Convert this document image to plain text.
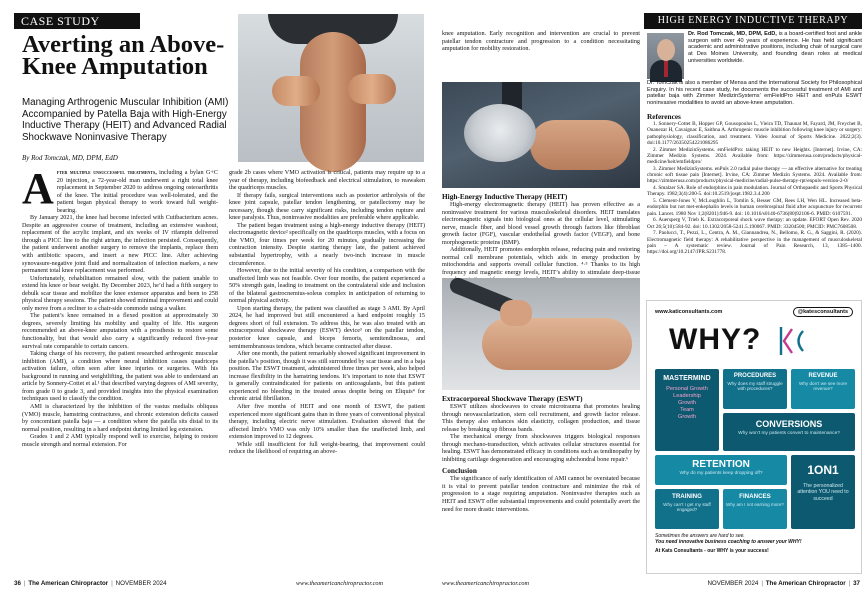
CASE STUDY
Averting an Above-Knee Amputation
Managing Arthrogenic Muscular Inhibition (AMI) Accompanied by Patella Baja with High-Energy Inductive Therapy (HEIT) and Advanced Radial Shockwave Noninvasive Therapy
By Rod Tomczak, MD, DPM, EdD

After multiple unsuccessful treatments, including a bylan G+C 20 injection, a 72-year-old man underwent a right total knee replacement in September 2020 to address ongoing osteoarthritis of the knee. The initial procedure was well-tolerated, and the patient began physical therapy to work toward full weight-bearing.

By January 2021, the knee had become infected with Cutibacterium acnes. Despite an aggressive course of treatment, including an extensive washout, replacement of the acrylic implant, and six weeks of IV rifampin delivered through a PICC line to the right atrium, the infection persisted. Consequently, the patient underwent another surgery to remove the implants, replace them with antibiotic spacers, and insert a new PICC line. After achieving synovasure-negative joint fluid and normalization of infection markers, a new permanent total knee replacement was performed.

Unfortunately, rehabilitation remained slow, with the patient unable to extend his knee or bear weight. By December 2023, he’d had a fifth surgery to debulk scar tissue and mobilize the knee extensor apparatus and been to 258 physical therapy sessions. The patient showed minimal improvement and could only move from a recliner to a chair-side commode using a walker.

The patient’s knee remained in a flexed position at approximately 30 degrees, severely limiting his mobility and quality of life. His surgeon recommended an above-knee amputation with a prosthesis to restore some functionality, but that would also carry a significantly reduced five-year survival rate comparable to certain cancers.

Taking charge of his recovery, the patient researched arthrogenic muscular inhibition (AMI), a condition where neural inhibition causes quadriceps activation failure, often seen after knee injuries or surgeries. With his background in running and weightlifting, the patient was able to understand an article by Sonnery-Cottet et al.¹ that described varying degrees of AMI severity, from grade 0 to grade 3, and provided insights into the physical examination techniques used to classify the condition.

AMI is characterized by the inhibition of the vastus medialis obliquus (VMO) muscle, hamstring contractures, and chronic extension deficits caused by concomitant patella baja — a condition where the patella sits distal to its normal position, resulting in a hard endpoint during limited leg extension.

Grades 1 and 2 AMI typically respond well to exercise, helping to restore muscle strength and normal extension. For

grade 2b cases where VMO activation is critical, patients may require up to a year of therapy, including biofeedback and electrical stimulation, to reawaken the quadriceps muscles.

If therapy fails, surgical interventions such as posterior arthrolysis of the knee joint capsule, patellar tendon lengthening, or patellectomy may be necessary, though these carry significant risks, including tendon rupture and knee paralysis. Thus, noninvasive modalities are preferable where applicable.

The patient began treatment using a high-energy inductive therapy (HEIT) electromagnetic device² specifically on the quadriceps muscles, with a focus on the VMO, four times per week for 20 minutes, gradually increasing the contraction intensity. Despite starting therapy late, the patient achieved substantial hypertrophy, with a nearly two-inch increase in muscle circumference.

However, due to the initial severity of his condition, a comparison with the unaffected limb was not feasible. Over four months, the patient experienced a 50% strength gain, leading to treatment on the contralateral side and inclusion of the bilateral gastrocnemius-soleus complex in anticipation of returning to normal physical activity.

Upon starting therapy, the patient was classified as stage 3 AMI. By April 2024, he had improved but still encountered a hard endpoint roughly 15 degrees short of full extension. To address this, he was also treated with an extracorporeal shockwave therapy (ESWT) device³ on the patellar tendon, posterior knee capsule, and biceps femoris, semitendinosus, and semimembranosus tendons, which became contracted after disuse.

After one month, the patient remarkably showed significant improvement in the patella’s position, though it was still surrounded by scar tissue and in a baja position. The ESWT treatment, administered three times per week, also helped increase flexibility in the hamstring tendons. It’s important to note that ESWT is generally contraindicated for patients on anticoagulants, but this patient experienced no bleeding in the treated areas despite being on Eliquis⁴ for chronic atrial fibrillation.

After five months of HEIT and one month of ESWT, the patient experienced more significant gains than in three years of conventional physical therapy, including electric nerve stimulation. Evaluation showed that the affected limb’s VMO was only 10% smaller than the unaffected limb, and extension improved to 12 degrees.

While still insufficient for full weight-bearing, that improvement could reduce the likelihood of requiring an above-

36  |  The American Chiropractor  |  NOVEMBER 2024	www.theamericanchiropractor.com
HIGH ENERGY INDUCTIVE THERAPY

knee amputation. Early recognition and intervention are crucial to prevent patellar tendon contracture and progression to a condition necessitating amputation for mobility restoration.

High-Energy Inductive Therapy (HEIT)

High-energy electromagnetic therapy (HEIT) has proven effective as a noninvasive treatment for various musculoskeletal disorders. HEIT translates electromagnetic signals into biological ones at the cellular level, stimulating nerve, muscle fiber, and blood vessel growth through factors like fibroblast growth factor (FGF), vascular endothelial growth factor (VEGF), and bone morphogenetic proteins (BMP).

Additionally, HEIT promotes endorphin release, reducing pain and restoring normal cell membrane potentials, which aids in energy production by mitochondria and supports overall cellular function. ⁴·⁵ Thanks to its high frequency and magnetic energy levels, HEIT’s ability to stimulate deep-tissue

Extracorporeal Shockwave Therapy (ESWT)

ESWT utilizes shockwaves to create microtrauma that promotes healing through neovascularization, stem cell recruitment, and growth factor release. This therapy also enhances skin elasticity, collagen production, and tissue release by breaking up fibrous bands.

The mechanical energy from shockwaves triggers biological responses through mechano-transduction, which activates cellular structures essential for healing. ESWT has demonstrated efficacy in conditions such as tendinopathy by inhibiting cartilage degeneration and encouraging subchondral bone repair.⁶

Conclusion

The significance of early identification of AMI cannot be overstated because it is vital to prevent patellar tendon contracture and minimize the risk of progression to a stage requiring amputation. Noninvasive therapies such as HEIT and ESWT offer substantial improvements and could potentially avert the need for more drastic interventions.

Dr. Rod Tomczak, MD, DPM, EdD, is a board-certified foot and ankle surgeon with over 40 years of experience. He has held significant academic and administrative positions, including chair of surgical care at Des Moines University, and founding dean roles at medical universities worldwide.
Dr. Tomczak is also a member of Mensa and the International Society for Philosophical Enquiry. In his recent case study, he documents the successful treatment of AMI and patellar baja with Zimmer MedizinSystems’ emFieldPro HEIT and enPuls ESWT noninvasive modalities to avoid an above-knee amputation.
References
1. Sonnery-Cottet B, Hopper GP, Gousopoulos L, Vieira TD, Thaunat M, Fayard, JM, Freychet B, Ouanezar H, Cavaignac E, Saithna A. Arthrogenic muscle inhibition following knee injury or surgery: pathophysiology, classification, and treatment. Video Journal of Sports Medicine. 2022;2(3). doi:10.1177/26350254221086295
2. Zimmer MedizinSystems. emFieldPro: taking HEIT to new Heights. [Internet]. Irvine, CA: Zimmer Medizin Systems. 2024. Available from: https://zimmerusa.com/products/physical-medicine/heit/emfieldpro/
3. Zimmer MedizinSystems. enPuls 2.0 radial pulse therapy — an effective alternative for treating chronic soft tissue pain [Internet]. Irvine, CA: Zimmer Medizin Systems. 2024. Available from: https://zimmerusa.com/products/physical-medicine/radial-pulse-therapy-rpt/enpuls-version-2-0/
4. Smalzer SA. Role of endorphins in pain modulation. Journal of Orthopaedic and Sports Physical Therapy. 1982;3(4):200-5. doi:10.2519/jospt.1982.3.4.200
5. Clement-Jones V, McLoughlin L, Tomlin S, Besser GM, Rees LH, Wen HL. Increased beta-endorphin but not met-enkephalin levels in human cerebrospinal fluid after acupuncture for recurrent pain. Lancet. 1980 Nov 1;2(8201):946-9. doi: 10.1016/s0140-6736(80)92106-6. PMID: 6107591.
6. Auersperg V, Trieb K. Extracorporeal shock wave therapy: an update. EFORT Open Rev. 2020 Oct 26;5(10):584-92. doi: 10.1302/2058-5241.5.190067. PMID: 33204500; PMCID: PMC7608508.
7. Paolucci, T., Pezzi, L., Centra, A. M., Giannandrea, N., Bellomo, R. G., & Saggini, R. (2020). Electromagnetic field therapy: A rehabilitative perspective in the management of musculoskeletal pain – A systematic review. Journal of Pain Research, 13, 1385–1400. https://doi.org/10.2147/JPR.S231778.
www.katiconsultants.com	@katesconsultants
WHY?
MASTERMIND
Personal Growth
Leadership
Growth
Team
Growth
PROCEDURES
Why does my staff struggle with procedures?
REVENUE
Why don’t we see more revenue?
CONVERSIONS
Why won’t my patients convert to maintenance?
RETENTION
Why do my patients keep dropping off?	1ON1
The personalized attention YOU need to succeed
TRAINING
Why can’t I get my staff engaged?
FINANCES
Why am I not earning more?
Sometimes the answers are hard to see.
You need innovative business coaching to answer your WHY!
At Kats Consultants - our WHY is your success!
www.theamericanchiropractor.com	NOVEMBER 2024  |  The American Chiropractor  |  37
